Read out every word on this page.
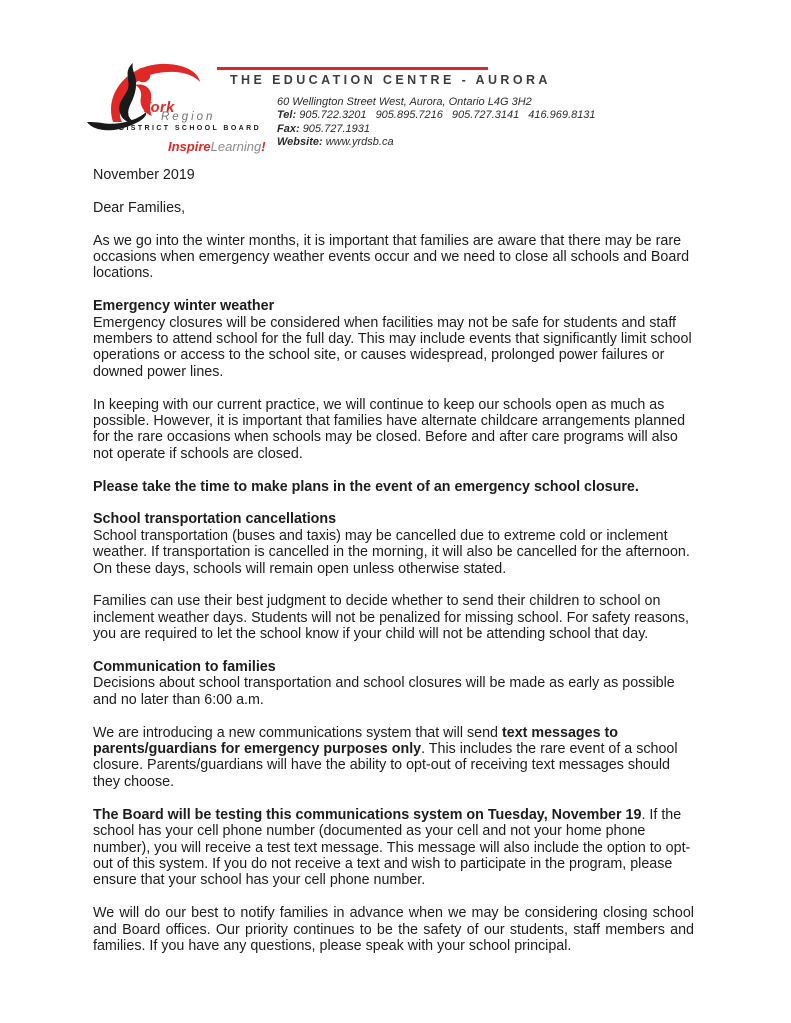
York
Region
DISTRICT SCHOOL BOARD
InspireLearning!
THE EDUCATION CENTRE - AURORA
60 Wellington Street West, Aurora, Ontario L4G 3H2
Tel: 905.722.3201 905.895.7216 905.727.3141 416.969.8131
Fax: 905.727.1931
Website: www.yrdsb.ca

November 2019

Dear Families,

As we go into the winter months, it is important that families are aware that there may be rare occasions when emergency weather events occur and we need to close all schools and Board locations.

Emergency winter weather

Emergency closures will be considered when facilities may not be safe for students and staff members to attend school for the full day. This may include events that significantly limit school operations or access to the school site, or causes widespread, prolonged power failures or downed power lines.

In keeping with our current practice, we will continue to keep our schools open as much as possible. However, it is important that families have alternate childcare arrangements planned for the rare occasions when schools may be closed. Before and after care programs will also not operate if schools are closed.

Please take the time to make plans in the event of an emergency school closure.

School transportation cancellations

School transportation (buses and taxis) may be cancelled due to extreme cold or inclement weather. If transportation is cancelled in the morning, it will also be cancelled for the afternoon. On these days, schools will remain open unless otherwise stated.

Families can use their best judgment to decide whether to send their children to school on inclement weather days. Students will not be penalized for missing school. For safety reasons, you are required to let the school know if your child will not be attending school that day.

Communication to families

Decisions about school transportation and school closures will be made as early as possible and no later than 6:00 a.m.

We are introducing a new communications system that will send text messages to parents/guardians for emergency purposes only. This includes the rare event of a school closure. Parents/guardians will have the ability to opt-out of receiving text messages should they choose.

The Board will be testing this communications system on Tuesday, November 19. If the school has your cell phone number (documented as your cell and not your home phone number), you will receive a test text message. This message will also include the option to opt-out of this system. If you do not receive a text and wish to participate in the program, please ensure that your school has your cell phone number.

We will do our best to notify families in advance when we may be considering closing school and Board offices. Our priority continues to be the safety of our students, staff members and families. If you have any questions, please speak with your school principal.
